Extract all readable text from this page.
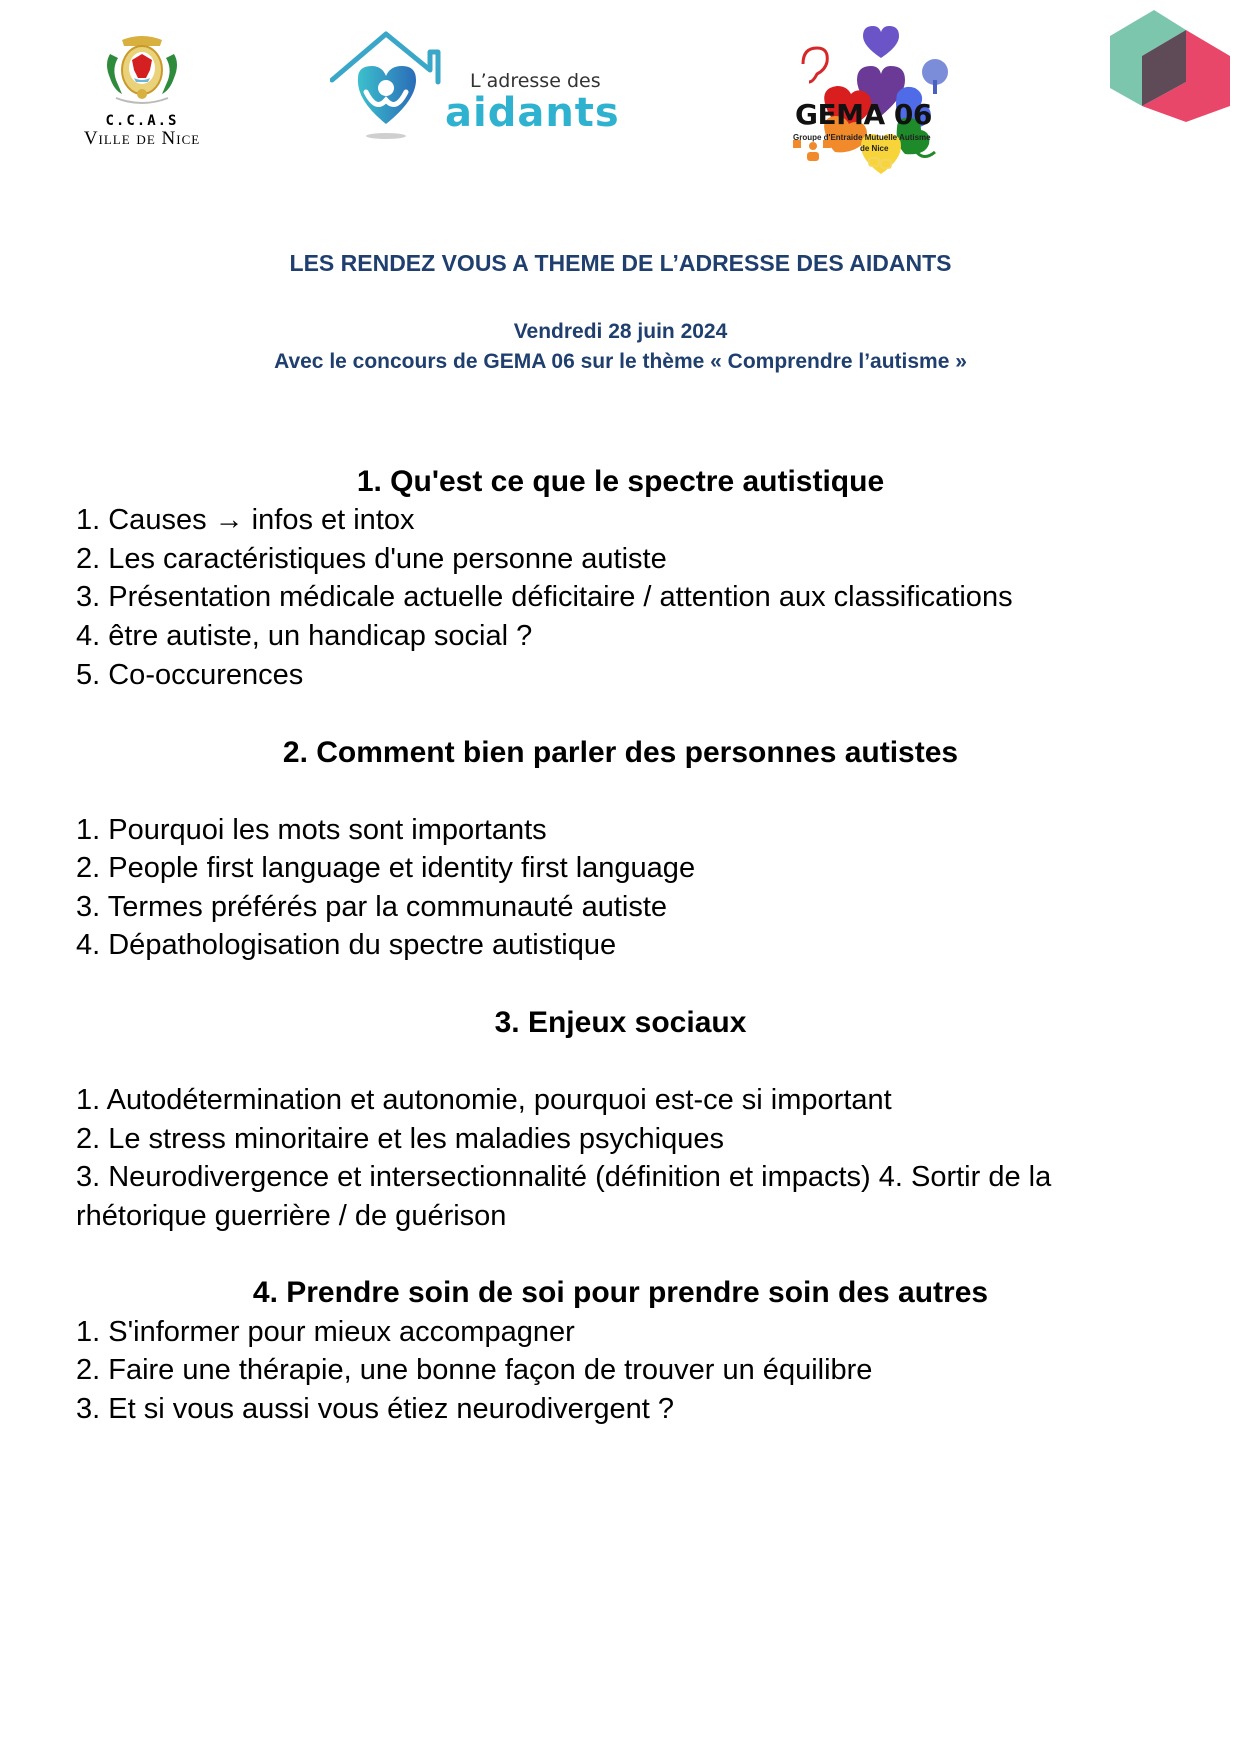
C.C.A.S
Ville de Nice
L’adresse des
aidants	GEMA 06
Groupe d'Entraide Mutuelle Autisme
de Nice
LES RENDEZ VOUS A THEME DE L’ADRESSE DES AIDANTS
Vendredi 28 juin 2024
Avec le concours de GEMA 06 sur le thème « Comprendre l’autisme »
1. Qu'est ce que le spectre autistique
1. Causes → infos et intox
2. Les caractéristiques d'une personne autiste
3. Présentation médicale actuelle déficitaire / attention aux classifications
4. être autiste, un handicap social ?
5. Co-occurences
2. Comment bien parler des personnes autistes
1. Pourquoi les mots sont importants
2. People first language et identity first language
3. Termes préférés par la communauté autiste
4. Dépathologisation du spectre autistique
3. Enjeux sociaux
1. Autodétermination et autonomie, pourquoi est-ce si important
2. Le stress minoritaire et les maladies psychiques
3. Neurodivergence et intersectionnalité (définition et impacts) 4. Sortir de la rhétorique guerrière / de guérison
4. Prendre soin de soi pour prendre soin des autres
1. S'informer pour mieux accompagner
2. Faire une thérapie, une bonne façon de trouver un équilibre
3. Et si vous aussi vous étiez neurodivergent ?
